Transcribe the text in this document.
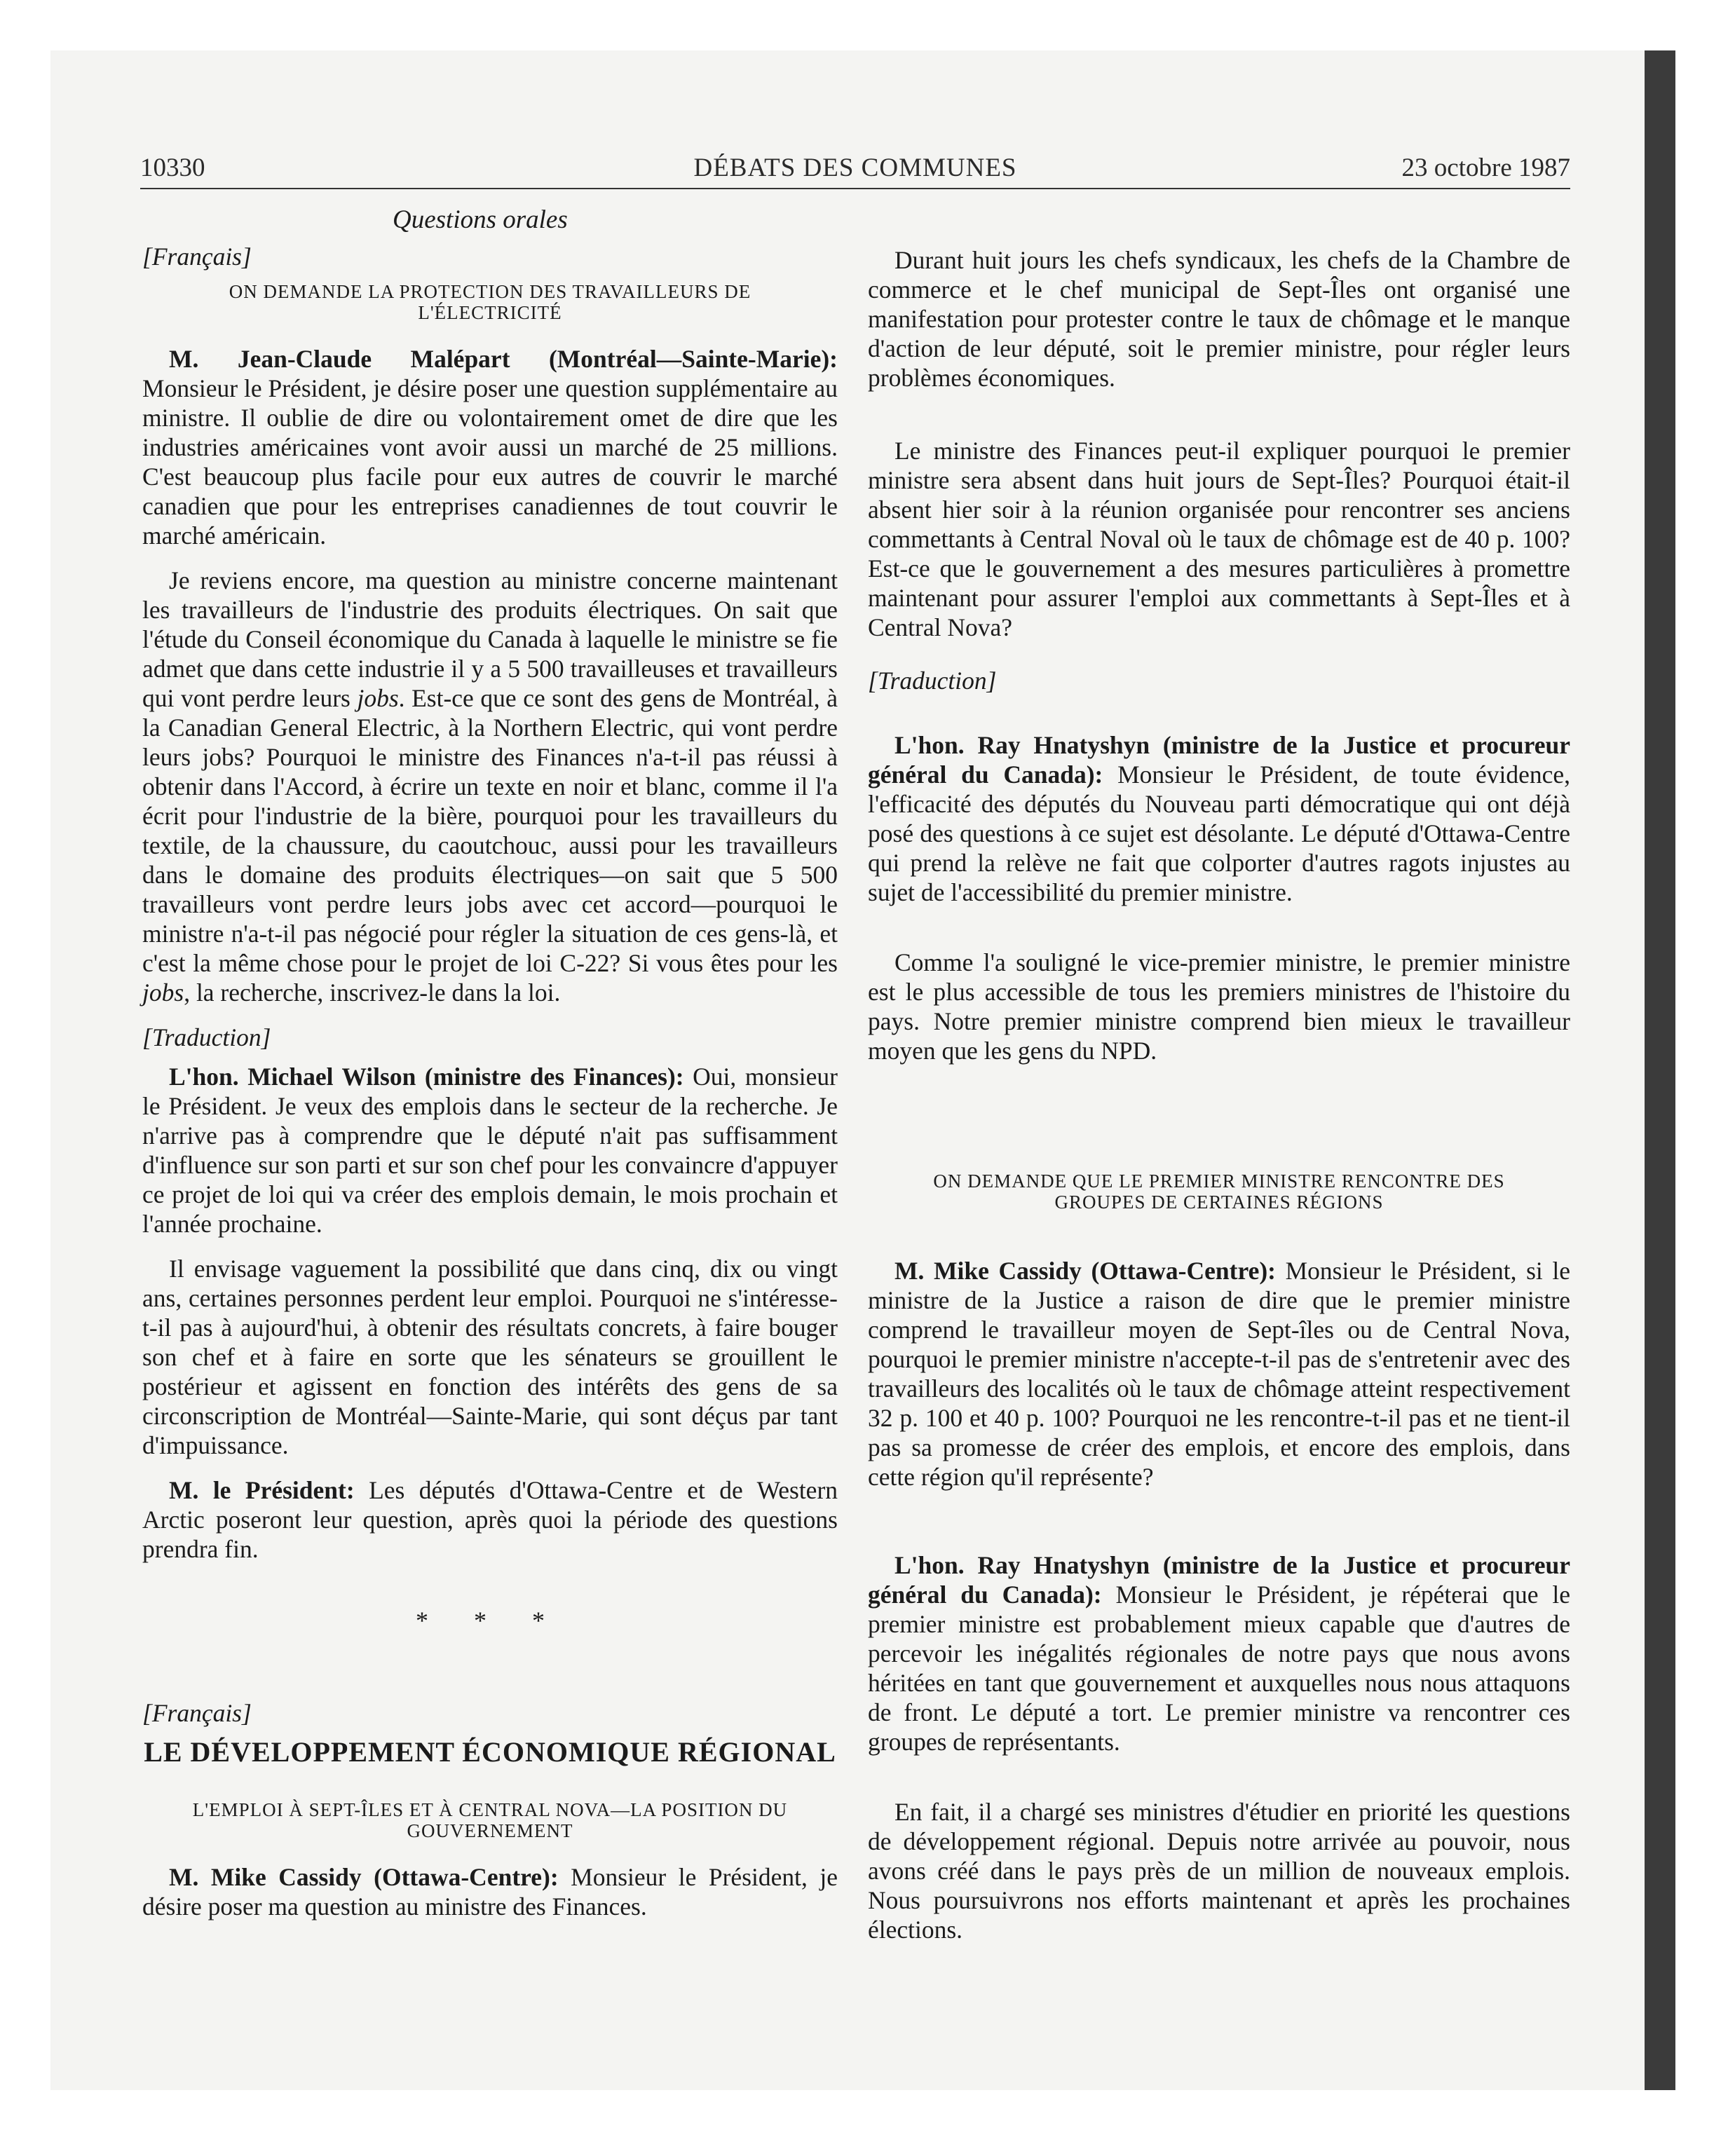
10330	DÉBATS DES COMMUNES	23 octobre 1987
Questions orales
[Français]
ON DEMANDE LA PROTECTION DES TRAVAILLEURS DE L'ÉLECTRICITÉ

M. Jean-Claude Malépart (Montréal—Sainte-Marie): Monsieur le Président, je désire poser une question supplémentaire au ministre. Il oublie de dire ou volontairement omet de dire que les industries américaines vont avoir aussi un marché de 25 millions. C'est beaucoup plus facile pour eux autres de couvrir le marché canadien que pour les entreprises canadiennes de tout couvrir le marché américain.

Je reviens encore, ma question au ministre concerne maintenant les travailleurs de l'industrie des produits électriques. On sait que l'étude du Conseil économique du Canada à laquelle le ministre se fie admet que dans cette industrie il y a 5 500 travailleuses et travailleurs qui vont perdre leurs jobs. Est-ce que ce sont des gens de Montréal, à la Canadian General Electric, à la Northern Electric, qui vont perdre leurs jobs? Pourquoi le ministre des Finances n'a-t-il pas réussi à obtenir dans l'Accord, à écrire un texte en noir et blanc, comme il l'a écrit pour l'industrie de la bière, pourquoi pour les travailleurs du textile, de la chaussure, du caoutchouc, aussi pour les travailleurs dans le domaine des produits électriques—on sait que 5 500 travailleurs vont perdre leurs jobs avec cet accord—pourquoi le ministre n'a-t-il pas négocié pour régler la situation de ces gens-là, et c'est la même chose pour le projet de loi C-22? Si vous êtes pour les jobs, la recherche, inscrivez-le dans la loi.

[Traduction]

L'hon. Michael Wilson (ministre des Finances): Oui, monsieur le Président. Je veux des emplois dans le secteur de la recherche. Je n'arrive pas à comprendre que le député n'ait pas suffisamment d'influence sur son parti et sur son chef pour les convaincre d'appuyer ce projet de loi qui va créer des emplois demain, le mois prochain et l'année prochaine.

Il envisage vaguement la possibilité que dans cinq, dix ou vingt ans, certaines personnes perdent leur emploi. Pourquoi ne s'intéresse-t-il pas à aujourd'hui, à obtenir des résultats concrets, à faire bouger son chef et à faire en sorte que les sénateurs se grouillent le postérieur et agissent en fonction des intérêts des gens de sa circonscription de Montréal—Sainte-Marie, qui sont déçus par tant d'impuissance.

M. le Président: Les députés d'Ottawa-Centre et de Western Arctic poseront leur question, après quoi la période des questions prendra fin.

* * *
[Français]
LE DÉVELOPPEMENT ÉCONOMIQUE RÉGIONAL
L'EMPLOI À SEPT-ÎLES ET À CENTRAL NOVA—LA POSITION DU GOUVERNEMENT

M. Mike Cassidy (Ottawa-Centre): Monsieur le Président, je désire poser ma question au ministre des Finances.

Durant huit jours les chefs syndicaux, les chefs de la Chambre de commerce et le chef municipal de Sept-Îles ont organisé une manifestation pour protester contre le taux de chômage et le manque d'action de leur député, soit le premier ministre, pour régler leurs problèmes économiques.

Le ministre des Finances peut-il expliquer pourquoi le premier ministre sera absent dans huit jours de Sept-Îles? Pourquoi était-il absent hier soir à la réunion organisée pour rencontrer ses anciens commettants à Central Noval où le taux de chômage est de 40 p. 100? Est-ce que le gouvernement a des mesures particulières à promettre maintenant pour assurer l'emploi aux commettants à Sept-Îles et à Central Nova?

[Traduction]

L'hon. Ray Hnatyshyn (ministre de la Justice et procureur général du Canada): Monsieur le Président, de toute évidence, l'efficacité des députés du Nouveau parti démocratique qui ont déjà posé des questions à ce sujet est désolante. Le député d'Ottawa-Centre qui prend la relève ne fait que colporter d'autres ragots injustes au sujet de l'accessibilité du premier ministre.

Comme l'a souligné le vice-premier ministre, le premier ministre est le plus accessible de tous les premiers ministres de l'histoire du pays. Notre premier ministre comprend bien mieux le travailleur moyen que les gens du NPD.

ON DEMANDE QUE LE PREMIER MINISTRE RENCONTRE DES GROUPES DE CERTAINES RÉGIONS

M. Mike Cassidy (Ottawa-Centre): Monsieur le Président, si le ministre de la Justice a raison de dire que le premier ministre comprend le travailleur moyen de Sept-îles ou de Central Nova, pourquoi le premier ministre n'accepte-t-il pas de s'entretenir avec des travailleurs des localités où le taux de chômage atteint respectivement 32 p. 100 et 40 p. 100? Pourquoi ne les rencontre-t-il pas et ne tient-il pas sa promesse de créer des emplois, et encore des emplois, dans cette région qu'il représente?

L'hon. Ray Hnatyshyn (ministre de la Justice et procureur général du Canada): Monsieur le Président, je répéterai que le premier ministre est probablement mieux capable que d'autres de percevoir les inégalités régionales de notre pays que nous avons héritées en tant que gouvernement et auxquelles nous nous attaquons de front. Le député a tort. Le premier ministre va rencontrer ces groupes de représentants.

En fait, il a chargé ses ministres d'étudier en priorité les questions de développement régional. Depuis notre arrivée au pouvoir, nous avons créé dans le pays près de un million de nouveaux emplois. Nous poursuivrons nos efforts maintenant et après les prochaines élections.
